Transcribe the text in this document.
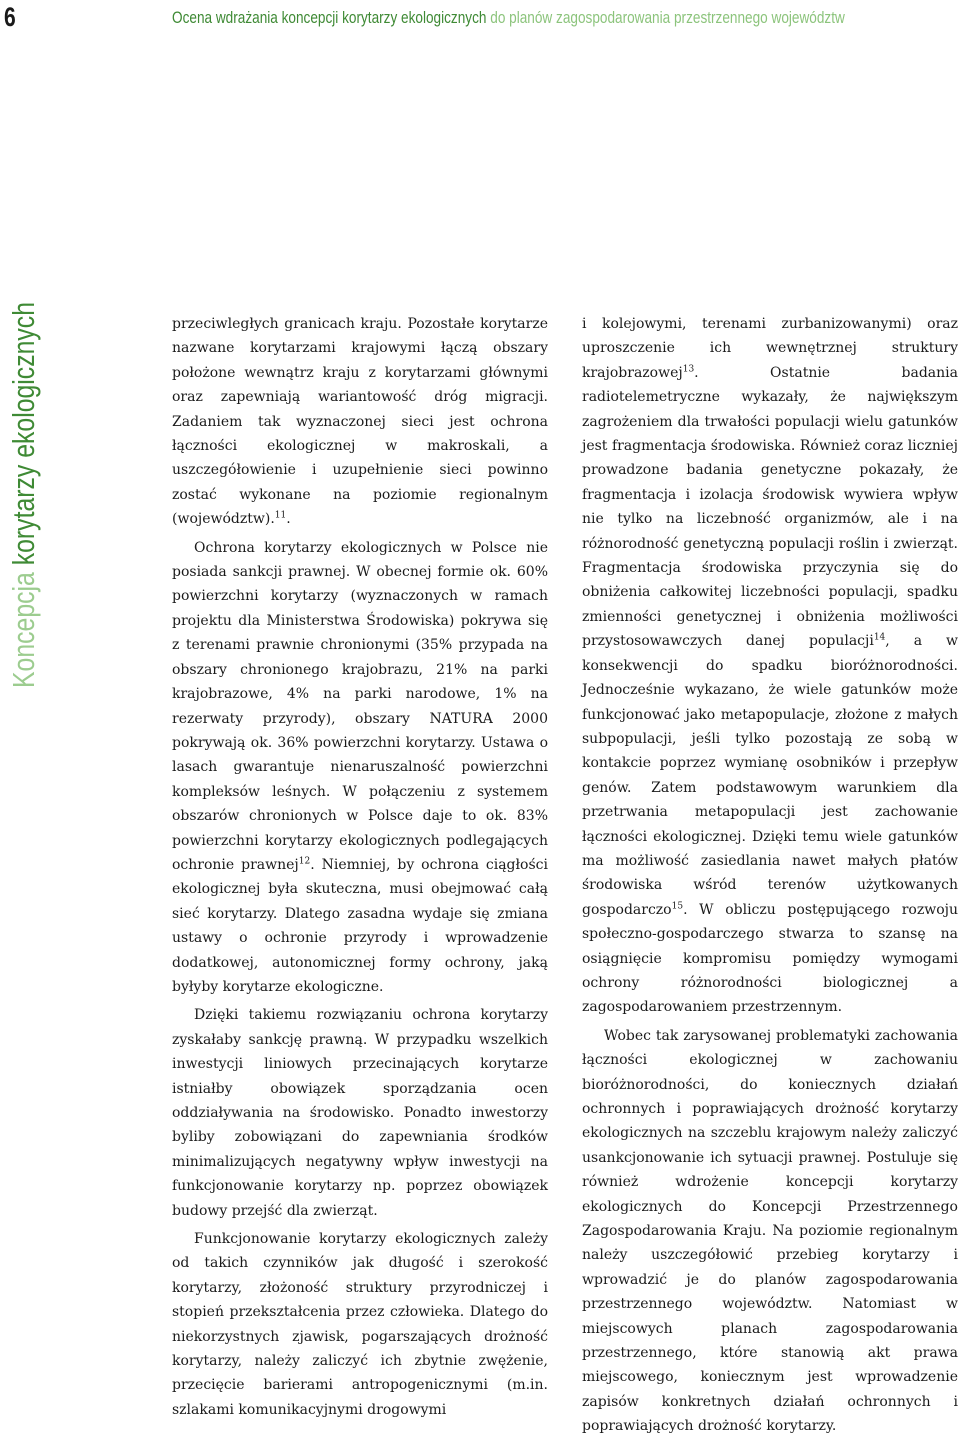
6	Ocena wdrażania koncepcji korytarzy ekologicznych do planów zagospodarowania przestrzennego województw
Koncepcja korytarzy ekologicznych	przeciwległych granicach kraju. Pozostałe korytarze nazwane korytarzami krajowymi łączą obszary położone wewnątrz kraju z korytarzami głównymi oraz zapewniają wariantowość dróg migracji. Zadaniem tak wyznaczonej sieci jest ochrona łączności ekologicznej w makroskali, a uszczegółowienie i uzupełnienie sieci powinno zostać wykonane na poziomie regionalnym (województw).$^{11}$.

Ochrona korytarzy ekologicznych w Polsce nie posiada sankcji prawnej. W obecnej formie ok. 60% powierzchni korytarzy (wyznaczonych w ramach projektu dla Ministerstwa Środowiska) pokrywa się z terenami prawnie chronionymi (35% przypada na obszary chronionego krajobrazu, 21% na parki krajobrazowe, 4% na parki narodowe, 1% na rezerwaty przyrody), obszary NATURA 2000 pokrywają ok. 36% powierzchni korytarzy. Ustawa o lasach gwarantuje nienaruszalność powierzchni kompleksów leśnych. W połączeniu z systemem obszarów chronionych w Polsce daje to ok. 83% powierzchni korytarzy ekologicznych podlegających ochronie prawnej$^{12}$. Niemniej, by ochrona ciągłości ekologicznej była skuteczna, musi obejmować całą sieć korytarzy. Dlatego zasadna wydaje się zmiana ustawy o ochronie przyrody i wprowadzenie dodatkowej, autonomicznej formy ochrony, jaką byłyby korytarze ekologiczne.

Dzięki takiemu rozwiązaniu ochrona korytarzy zyskałaby sankcję prawną. W przypadku wszelkich inwestycji liniowych przecinających korytarze istniałby obowiązek sporządzania ocen oddziaływania na środowisko. Ponadto inwestorzy byliby zobowiązani do zapewniania środków minimalizujących negatywny wpływ inwestycji na funkcjonowanie korytarzy np. poprzez obowiązek budowy przejść dla zwierząt.

Funkcjonowanie korytarzy ekologicznych zależy od takich czynników jak długość i szerokość korytarzy, złożoność struktury przyrodniczej i stopień przekształcenia przez człowieka. Dlatego do niekorzystnych zjawisk, pogarszających drożność korytarzy, należy zaliczyć ich zbytnie zwężenie, przecięcie barierami antropogenicznymi (m.in. szlakami komunikacyjnymi drogowymi

i kolejowymi, terenami zurbanizowanymi) oraz uproszczenie ich wewnętrznej struktury krajobrazowej$^{13}$. Ostatnie badania radiotelemetryczne wykazały, że największym zagrożeniem dla trwałości populacji wielu gatunków jest fragmentacja środowiska. Również coraz liczniej prowadzone badania genetyczne pokazały, że fragmentacja i izolacja środowisk wywiera wpływ nie tylko na liczebność organizmów, ale i na różnorodność genetyczną populacji roślin i zwierząt. Fragmentacja środowiska przyczynia się do obniżenia całkowitej liczebności populacji, spadku zmienności genetycznej i obniżenia możliwości przystosowawczych danej populacji$^{14}$, a w konsekwencji do spadku bioróżnorodności. Jednocześnie wykazano, że wiele gatunków może funkcjonować jako metapopulacje, złożone z małych subpopulacji, jeśli tylko pozostają ze sobą w kontakcie poprzez wymianę osobników i przepływ genów. Zatem podstawowym warunkiem dla przetrwania metapopulacji jest zachowanie łączności ekologicznej. Dzięki temu wiele gatunków ma możliwość zasiedlania nawet małych płatów środowiska wśród terenów użytkowanych gospodarczo$^{15}$. W obliczu postępującego rozwoju społeczno-gospodarczego stwarza to szansę na osiągnięcie kompromisu pomiędzy wymogami ochrony różnorodności biologicznej a zagospodarowaniem przestrzennym.

Wobec tak zarysowanej problematyki zachowania łączności ekologicznej w zachowaniu bioróżnorodności, do koniecznych działań ochronnych i poprawiających drożność korytarzy ekologicznych na szczeblu krajowym należy zaliczyć usankcjonowanie ich sytuacji prawnej. Postuluje się również wdrożenie koncepcji korytarzy ekologicznych do Koncepcji Przestrzennego Zagospodarowania Kraju. Na poziomie regionalnym należy uszczegółowić przebieg korytarzy i wprowadzić je do planów zagospodarowania przestrzennego województw. Natomiast w miejscowych planach zagospodarowania przestrzennego, które stanowią akt prawa miejscowego, koniecznym jest wprowadzenie zapisów konkretnych działań ochronnych i poprawiających drożność korytarzy.
